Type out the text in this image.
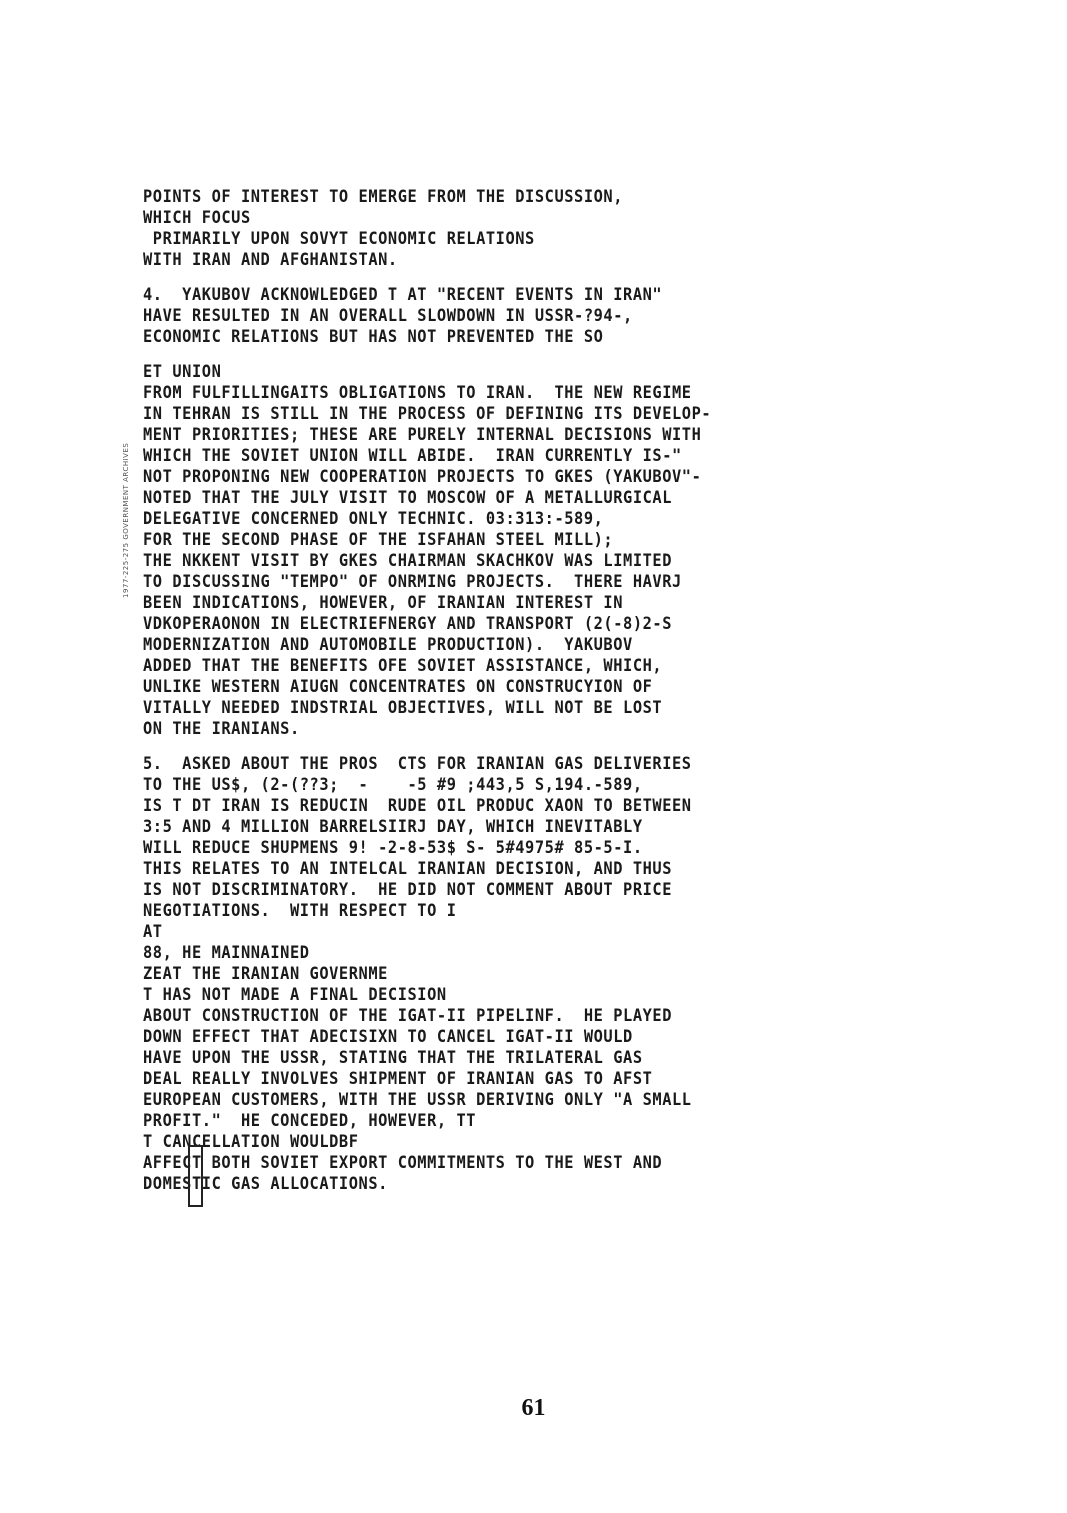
1977-225-275 GOVERNMENT ARCHIVES
POINTS OF INTEREST TO EMERGE FROM THE DISCUSSION,
WHICH FOCUS
PRIMARILY UPON SOVYT ECONOMIC RELATIONS
WITH IRAN AND AFGHANISTAN.
4.  YAKUBOV ACKNOWLEDGED T AT "RECENT EVENTS IN IRAN"
HAVE RESULTED IN AN OVERALL SLOWDOWN IN USSR-?94-,
ECONOMIC RELATIONS BUT HAS NOT PREVENTED THE SO
ET UNION
FROM FULFILLINGAITS OBLIGATIONS TO IRAN.  THE NEW REGIME
IN TEHRAN IS STILL IN THE PROCESS OF DEFINING ITS DEVELOP-
MENT PRIORITIES; THESE ARE PURELY INTERNAL DECISIONS WITH
WHICH THE SOVIET UNION WILL ABIDE.  IRAN CURRENTLY IS-"
NOT PROPONING NEW COOPERATION PROJECTS TO GKES (YAKUBOV"-
NOTED THAT THE JULY VISIT TO MOSCOW OF A METALLURGICAL
DELEGATIVE CONCERNED ONLY TECHNIC. 03:313:-589,
FOR THE SECOND PHASE OF THE ISFAHAN STEEL MILL);
THE NKKENT VISIT BY GKES CHAIRMAN SKACHKOV WAS LIMITED
TO DISCUSSING "TEMPO" OF ONRMING PROJECTS.  THERE HAVRJ
BEEN INDICATIONS, HOWEVER, OF IRANIAN INTEREST IN
VDKOPERAONON IN ELECTRIEFNERGY AND TRANSPORT (2(-8)2-S
MODERNIZATION AND AUTOMOBILE PRODUCTION).  YAKUBOV
ADDED THAT THE BENEFITS OFE SOVIET ASSISTANCE, WHICH,
UNLIKE WESTERN AIUGN CONCENTRATES ON CONSTRUCYION OF
VITALLY NEEDED INDSTRIAL OBJECTIVES, WILL NOT BE LOST
ON THE IRANIANS.
5.  ASKED ABOUT THE PROS  CTS FOR IRANIAN GAS DELIVERIES
TO THE US$, (2-(??3;  -    -5 #9 ;443,5 S,194.-589,
IS T DT IRAN IS REDUCIN  RUDE OIL PRODUC XAON TO BETWEEN
3:5 AND 4 MILLION BARRELSIIRJ DAY, WHICH INEVITABLY
WILL REDUCE SHUPMENS 9! -2-8-53$ S- 5#4975# 85-5-I.
THIS RELATES TO AN INTELCAL IRANIAN DECISION, AND THUS
IS NOT DISCRIMINATORY.  HE DID NOT COMMENT ABOUT PRICE
NEGOTIATIONS.  WITH RESPECT TO I
AT
88, HE MAINNAINED
ZEAT THE IRANIAN GOVERNME
T HAS NOT MADE A FINAL DECISION
ABOUT CONSTRUCTION OF THE IGAT-II PIPELINF.  HE PLAYED
DOWN EFFECT THAT ADECISIXN TO CANCEL IGAT-II WOULD
HAVE UPON THE USSR, STATING THAT THE TRILATERAL GAS
DEAL REALLY INVOLVES SHIPMENT OF IRANIAN GAS TO AFST
EUROPEAN CUSTOMERS, WITH THE USSR DERIVING ONLY "A SMALL
PROFIT."  HE CONCEDED, HOWEVER, TT
T CANCELLATION WOULDBF
AFFECT BOTH SOVIET EXPORT COMMITMENTS TO THE WEST AND
DOMESTIC GAS ALLOCATIONS.
61
